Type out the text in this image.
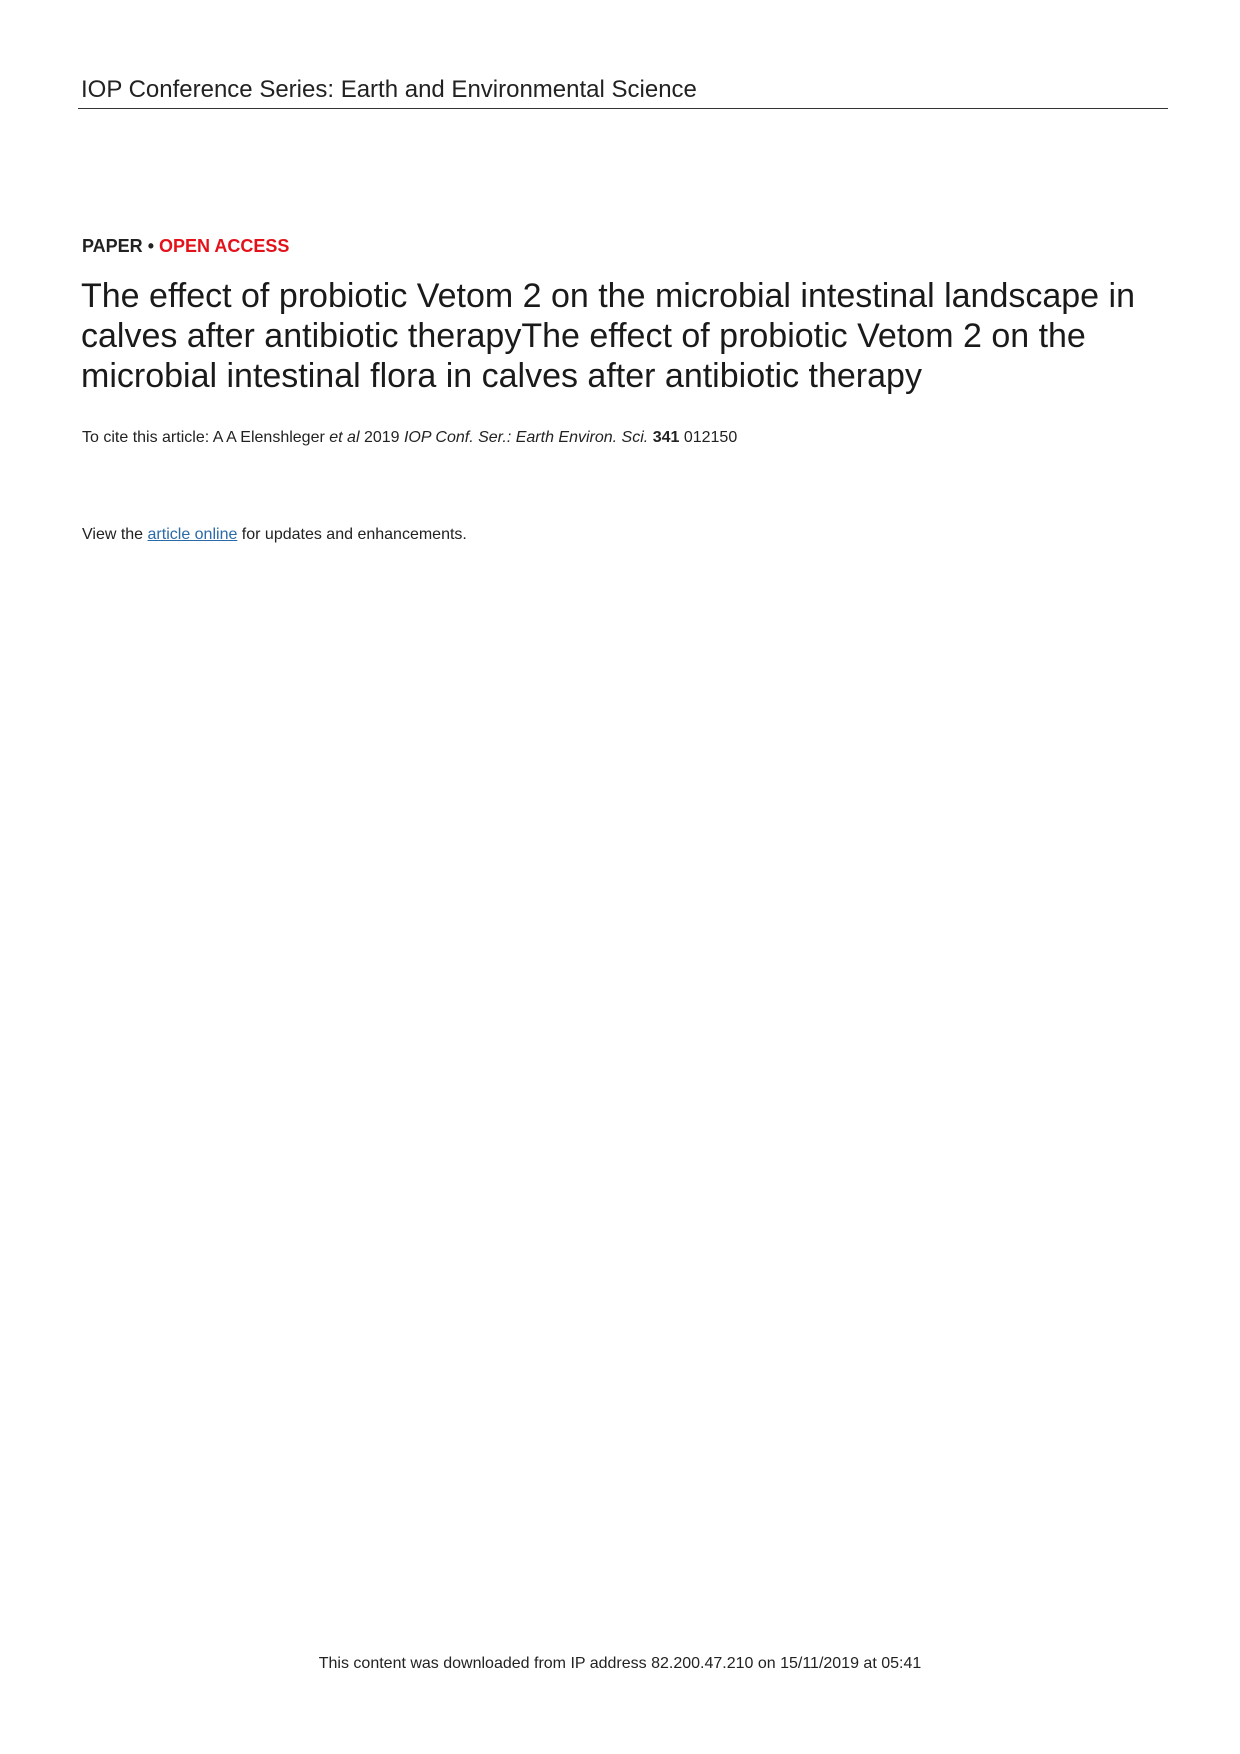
IOP Conference Series: Earth and Environmental Science
PAPER • OPEN ACCESS
The effect of probiotic Vetom 2 on the microbial intestinal landscape in calves after antibiotic therapyThe effect of probiotic Vetom 2 on the microbial intestinal flora in calves after antibiotic therapy
To cite this article: A A Elenshleger et al 2019 IOP Conf. Ser.: Earth Environ. Sci. 341 012150
View the article online for updates and enhancements.
This content was downloaded from IP address 82.200.47.210 on 15/11/2019 at 05:41
